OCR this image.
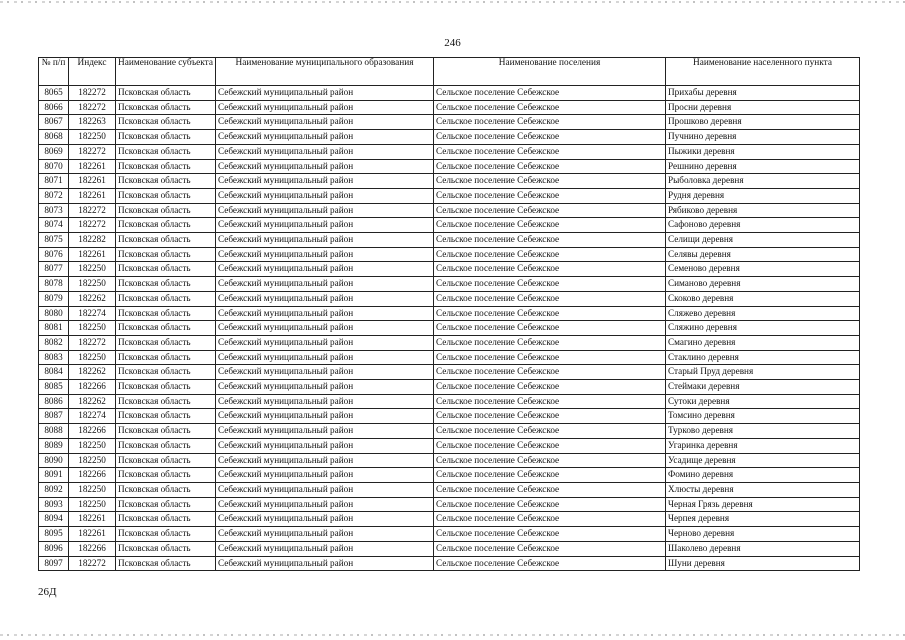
246
№ п/п	Индекс	Наименование субъекта	Наименование муниципального образования	Наименование поселения	Наименование населенного пункта
8065	182272	Псковская область	Себежский муниципальный район	Сельское поселение Себежское	Прихабы деревня
8066	182272	Псковская область	Себежский муниципальный район	Сельское поселение Себежское	Просни деревня
8067	182263	Псковская область	Себежский муниципальный район	Сельское поселение Себежское	Прошково деревня
8068	182250	Псковская область	Себежский муниципальный район	Сельское поселение Себежское	Пучнино деревня
8069	182272	Псковская область	Себежский муниципальный район	Сельское поселение Себежское	Пыжики деревня
8070	182261	Псковская область	Себежский муниципальный район	Сельское поселение Себежское	Решнино деревня
8071	182261	Псковская область	Себежский муниципальный район	Сельское поселение Себежское	Рыболовка деревня
8072	182261	Псковская область	Себежский муниципальный район	Сельское поселение Себежское	Рудня деревня
8073	182272	Псковская область	Себежский муниципальный район	Сельское поселение Себежское	Рябиково деревня
8074	182272	Псковская область	Себежский муниципальный район	Сельское поселение Себежское	Сафоново деревня
8075	182282	Псковская область	Себежский муниципальный район	Сельское поселение Себежское	Селищи деревня
8076	182261	Псковская область	Себежский муниципальный район	Сельское поселение Себежское	Селявы деревня
8077	182250	Псковская область	Себежский муниципальный район	Сельское поселение Себежское	Семеново деревня
8078	182250	Псковская область	Себежский муниципальный район	Сельское поселение Себежское	Симаново деревня
8079	182262	Псковская область	Себежский муниципальный район	Сельское поселение Себежское	Скоково деревня
8080	182274	Псковская область	Себежский муниципальный район	Сельское поселение Себежское	Сляжево деревня
8081	182250	Псковская область	Себежский муниципальный район	Сельское поселение Себежское	Сляжино деревня
8082	182272	Псковская область	Себежский муниципальный район	Сельское поселение Себежское	Смагино деревня
8083	182250	Псковская область	Себежский муниципальный район	Сельское поселение Себежское	Стаклино деревня
8084	182262	Псковская область	Себежский муниципальный район	Сельское поселение Себежское	Старый Пруд деревня
8085	182266	Псковская область	Себежский муниципальный район	Сельское поселение Себежское	Стеймаки деревня
8086	182262	Псковская область	Себежский муниципальный район	Сельское поселение Себежское	Сутоки деревня
8087	182274	Псковская область	Себежский муниципальный район	Сельское поселение Себежское	Томсино деревня
8088	182266	Псковская область	Себежский муниципальный район	Сельское поселение Себежское	Турково деревня
8089	182250	Псковская область	Себежский муниципальный район	Сельское поселение Себежское	Угаринка деревня
8090	182250	Псковская область	Себежский муниципальный район	Сельское поселение Себежское	Усадище деревня
8091	182266	Псковская область	Себежский муниципальный район	Сельское поселение Себежское	Фомино деревня
8092	182250	Псковская область	Себежский муниципальный район	Сельское поселение Себежское	Хлюсты деревня
8093	182250	Псковская область	Себежский муниципальный район	Сельское поселение Себежское	Черная Грязь деревня
8094	182261	Псковская область	Себежский муниципальный район	Сельское поселение Себежское	Черпея деревня
8095	182261	Псковская область	Себежский муниципальный район	Сельское поселение Себежское	Черново деревня
8096	182266	Псковская область	Себежский муниципальный район	Сельское поселение Себежское	Шаколево деревня
8097	182272	Псковская область	Себежский муниципальный район	Сельское поселение Себежское	Шуни деревня
26Д
